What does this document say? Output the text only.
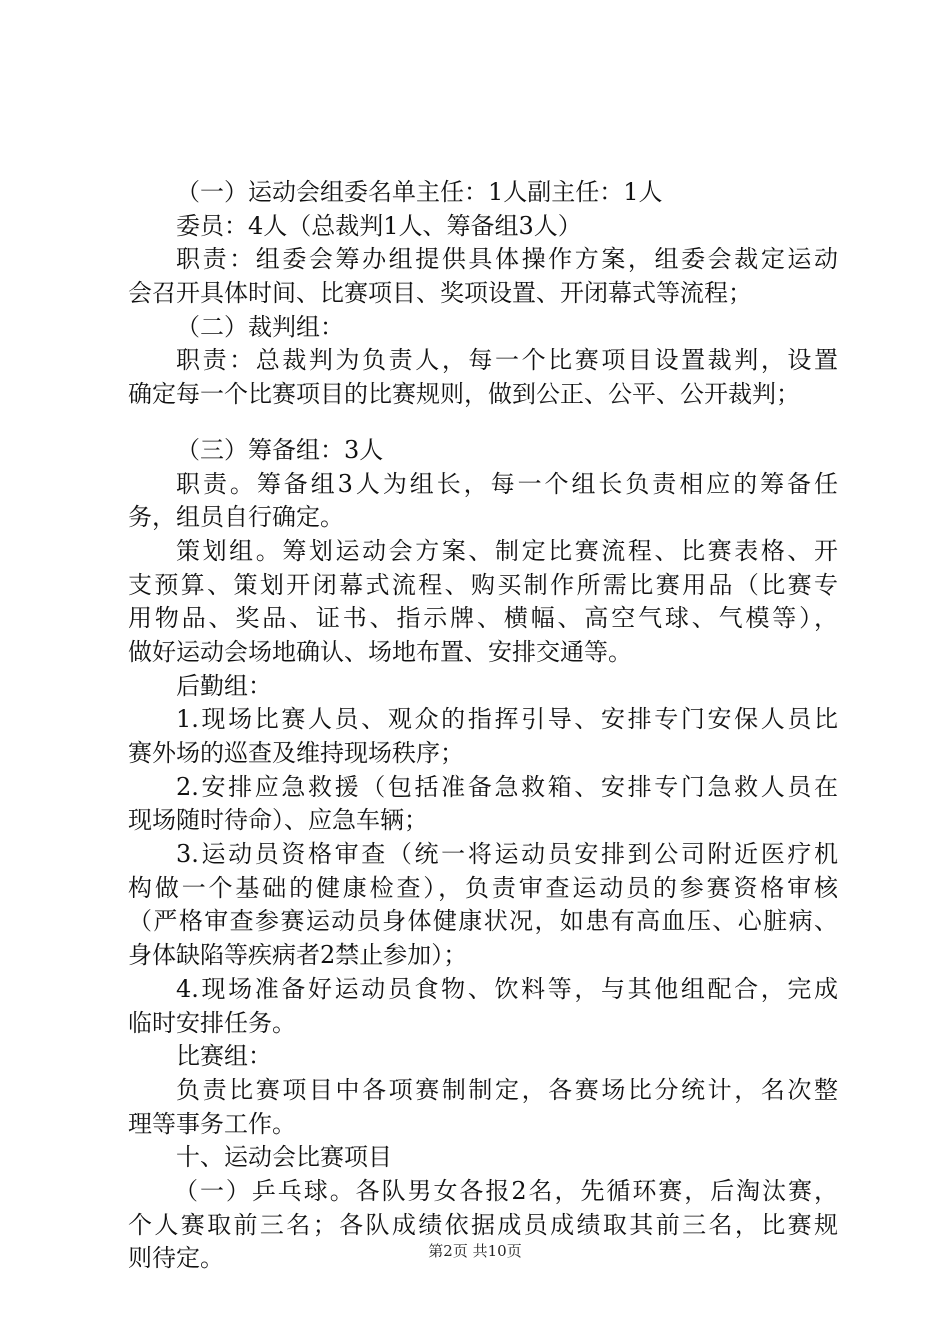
（一）运动会组委名单主任：1人副主任：1人
委员：4人（总裁判1人、筹备组3人）
职责：组委会筹办组提供具体操作方案，组委会裁定运动
会召开具体时间、比赛项目、奖项设置、开闭幕式等流程；
（二）裁判组：
职责：总裁判为负责人，每一个比赛项目设置裁判，设置
确定每一个比赛项目的比赛规则，做到公正、公平、公开裁判；
（三）筹备组：3人
职责。筹备组3人为组长，每一个组长负责相应的筹备任
务，组员自行确定。
策划组。筹划运动会方案、制定比赛流程、比赛表格、开
支预算、策划开闭幕式流程、购买制作所需比赛用品（比赛专
用物品、奖品、证书、指示牌、横幅、高空气球、气模等），
做好运动会场地确认、场地布置、安排交通等。
后勤组：
1.现场比赛人员、观众的指挥引导、安排专门安保人员比
赛外场的巡查及维持现场秩序；
2.安排应急救援（包括准备急救箱、安排专门急救人员在
现场随时待命）、应急车辆；
3.运动员资格审查（统一将运动员安排到公司附近医疗机
构做一个基础的健康检查），负责审查运动员的参赛资格审核
（严格审查参赛运动员身体健康状况，如患有高血压、心脏病、
身体缺陷等疾病者2禁止参加）；
4.现场准备好运动员食物、饮料等，与其他组配合，完成
临时安排任务。
比赛组：
负责比赛项目中各项赛制制定，各赛场比分统计，名次整
理等事务工作。
十、运动会比赛项目
（一）乒乓球。各队男女各报2名，先循环赛，后淘汰赛，
个人赛取前三名；各队成绩依据成员成绩取其前三名，比赛规
则待定。	第2页 共10页
